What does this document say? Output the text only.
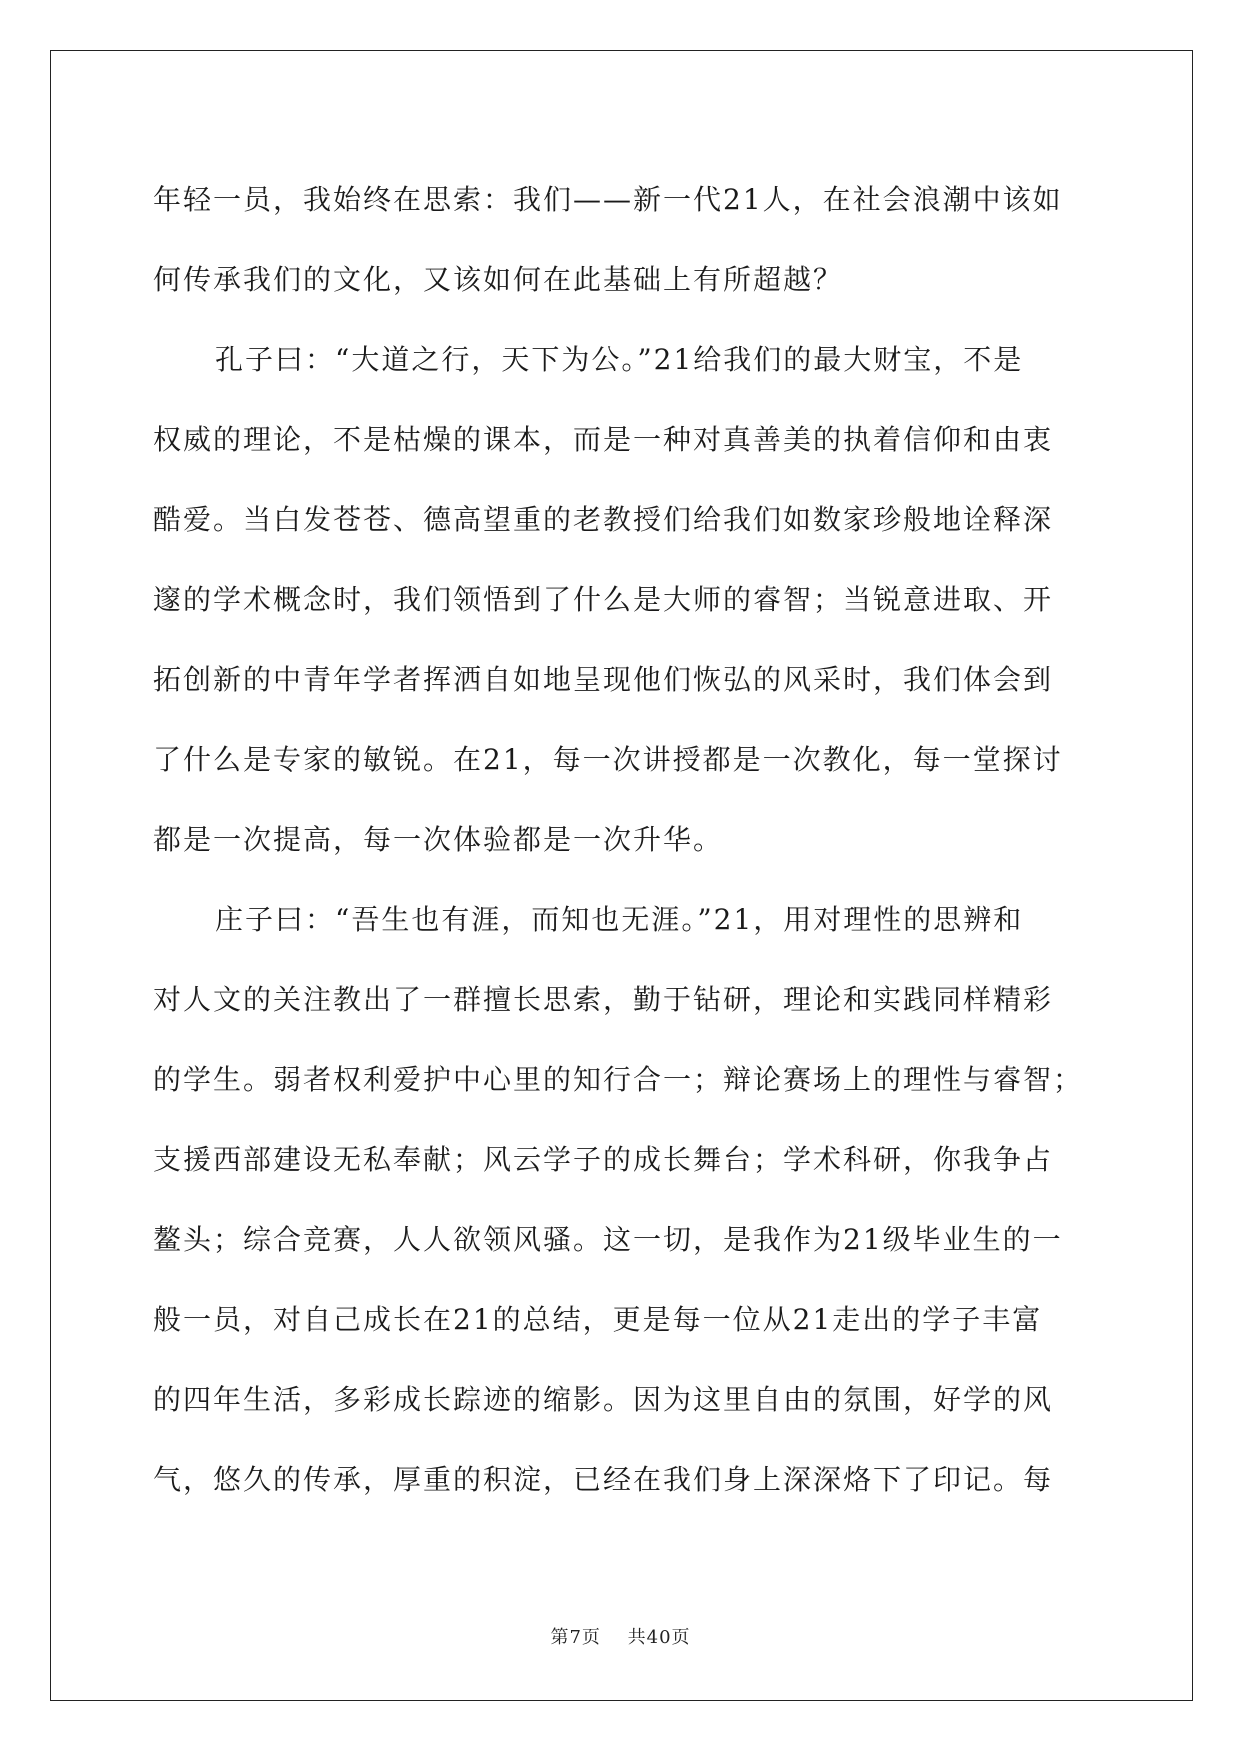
年轻一员，我始终在思索：我们——新一代21人，在社会浪潮中该如
何传承我们的文化，又该如何在此基础上有所超越？
孔子曰：“大道之行，天下为公。”21给我们的最大财宝，不是
权威的理论，不是枯燥的课本，而是一种对真善美的执着信仰和由衷
酷爱。当白发苍苍、德高望重的老教授们给我们如数家珍般地诠释深
邃的学术概念时，我们领悟到了什么是大师的睿智；当锐意进取、开
拓创新的中青年学者挥洒自如地呈现他们恢弘的风采时，我们体会到
了什么是专家的敏锐。在21，每一次讲授都是一次教化，每一堂探讨
都是一次提高，每一次体验都是一次升华。
庄子曰：“吾生也有涯，而知也无涯。”21，用对理性的思辨和
对人文的关注教出了一群擅长思索，勤于钻研，理论和实践同样精彩
的学生。弱者权利爱护中心里的知行合一；辩论赛场上的理性与睿智；
支援西部建设无私奉献；风云学子的成长舞台；学术科研，你我争占
鳌头；综合竞赛，人人欲领风骚。这一切，是我作为21级毕业生的一
般一员，对自己成长在21的总结，更是每一位从21走出的学子丰富
的四年生活，多彩成长踪迹的缩影。因为这里自由的氛围，好学的风
气，悠久的传承，厚重的积淀，已经在我们身上深深烙下了印记。每
第7页 共40页
